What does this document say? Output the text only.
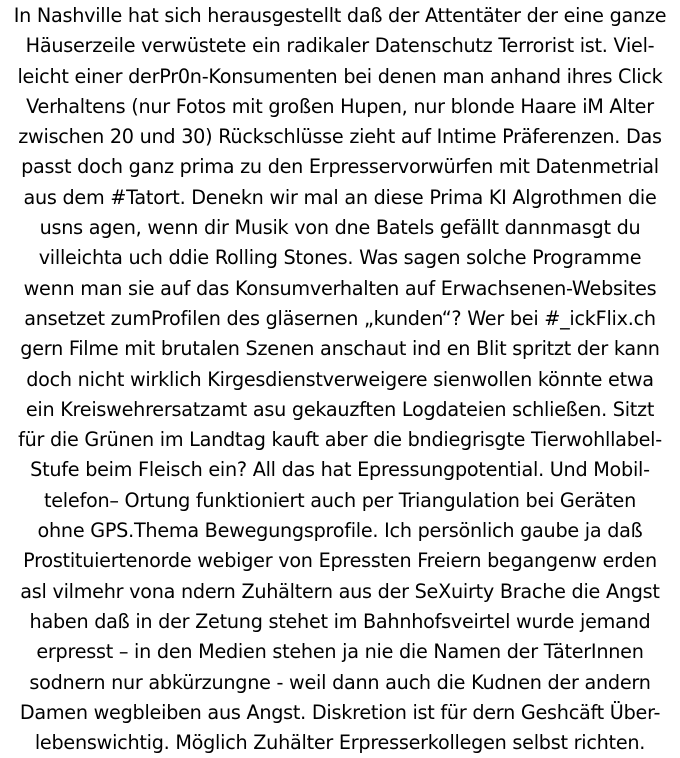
In Nashville hat sich herausgestellt daß der Attentäter der eine ganze
Häuserzeile verwüstete ein radikaler Datenschutz Terrorist ist. Viel-
leicht einer derPr0n-Konsumenten bei denen man anhand ihres Click
Verhaltens (nur Fotos mit großen Hupen, nur blonde Haare iM Alter
zwischen 20 und 30) Rückschlüsse zieht auf Intime Präferenzen. Das
passt doch ganz prima zu den Erpresservorwürfen mit Datenmetrial
aus dem #Tatort. Denekn wir mal an diese Prima KI Algrothmen die
usns agen, wenn dir Musik von dne Batels gefällt dannmasgt du
villeichta uch ddie Rolling Stones. Was sagen solche Programme
wenn man sie auf das Konsumverhalten auf Erwachsenen-Websites
ansetzet zumProfilen des gläsernen „kunden“? Wer bei #_ickFlix.ch
gern Filme mit brutalen Szenen anschaut ind en Blit spritzt der kann
doch nicht wirklich Kirgesdienstverweigere sienwollen könnte etwa
ein Kreiswehrersatzamt asu gekauzften Logdateien schließen. Sitzt
für die Grünen im Landtag kauft aber die bndiegrisgte Tierwohllabel-
Stufe beim Fleisch ein? All das hat Epressungpotential. Und Mobil-
telefon– Ortung funktioniert auch per Triangulation bei Geräten
ohne GPS.Thema Bewegungsprofile. Ich persönlich gaube ja daß
Prostituiertenorde webiger von Epressten Freiern begangenw erden
asl vilmehr vona ndern Zuhältern aus der SeXuirty Brache die Angst
haben daß in der Zetung stehet im Bahnhofsveirtel wurde jemand
erpresst – in den Medien stehen ja nie die Namen der TäterInnen
sodnern nur abkürzungne - weil dann auch die Kudnen der andern
Damen wegbleiben aus Angst. Diskretion ist für dern Geshcäft Über-
lebenswichtig. Möglich Zuhälter Erpresserkollegen selbst richten.
